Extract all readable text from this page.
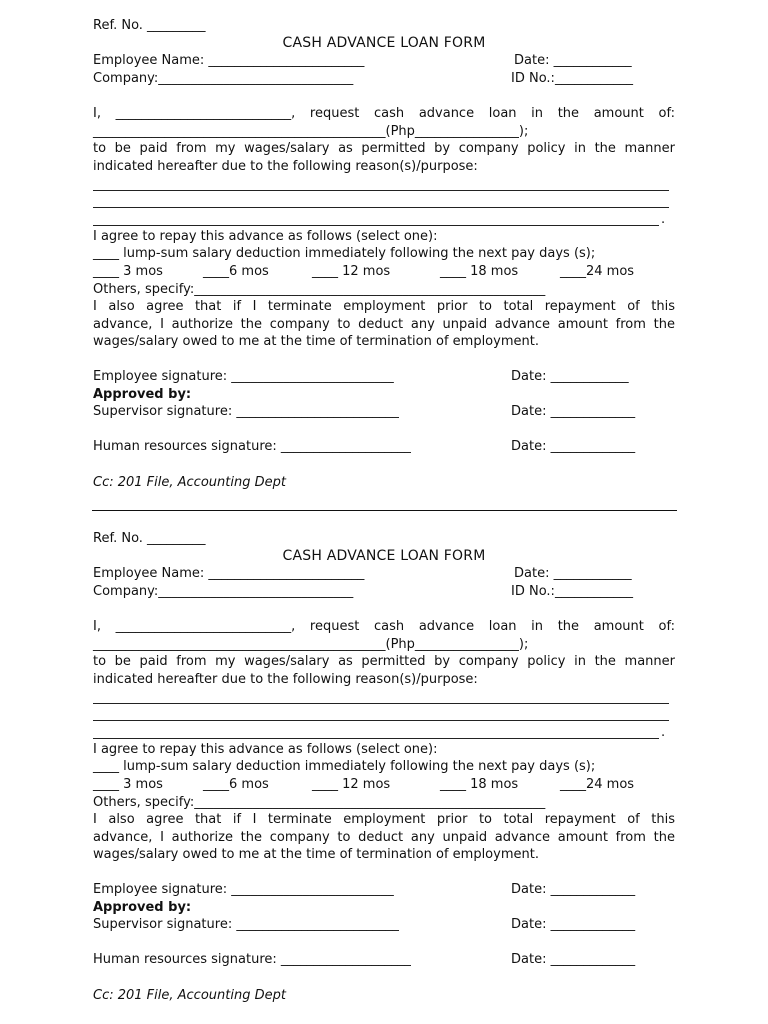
Ref. No. _________
CASH ADVANCE LOAN FORM
Employee Name: ________________________	Date: ____________
Company:______________________________	ID No.:____________
I, ___________________________, request cash advance loan in the amount of:
_____________________________________________(Php________________);
to be paid from my wages/salary as permitted by company policy in the manner
indicated hereafter due to the following reason(s)/purpose:
.
I agree to repay this advance as follows (select one):
____ lump-sum salary deduction immediately following the next pay days (s);
____ 3 mos	____6 mos	____ 12 mos	____ 18 mos	____24 mos
Others, specify:______________________________________________________
I also agree that if I terminate employment prior to total repayment of this
advance, I authorize the company to deduct any unpaid advance amount from the
wages/salary owed to me at the time of termination of employment.
Employee signature: _________________________	Date: ____________
Approved by:
Supervisor signature: _________________________	Date: _____________
Human resources signature: ____________________	Date: _____________
Cc: 201 File, Accounting Dept
Ref. No. _________
CASH ADVANCE LOAN FORM
Employee Name: ________________________	Date: ____________
Company:______________________________	ID No.:____________
I, ___________________________, request cash advance loan in the amount of:
_____________________________________________(Php________________);
to be paid from my wages/salary as permitted by company policy in the manner
indicated hereafter due to the following reason(s)/purpose:
.
I agree to repay this advance as follows (select one):
____ lump-sum salary deduction immediately following the next pay days (s);
____ 3 mos	____6 mos	____ 12 mos	____ 18 mos	____24 mos
Others, specify:______________________________________________________
I also agree that if I terminate employment prior to total repayment of this
advance, I authorize the company to deduct any unpaid advance amount from the
wages/salary owed to me at the time of termination of employment.
Employee signature: _________________________	Date: _____________
Approved by:
Supervisor signature: _________________________	Date: _____________
Human resources signature: ____________________	Date: _____________
Cc: 201 File, Accounting Dept
